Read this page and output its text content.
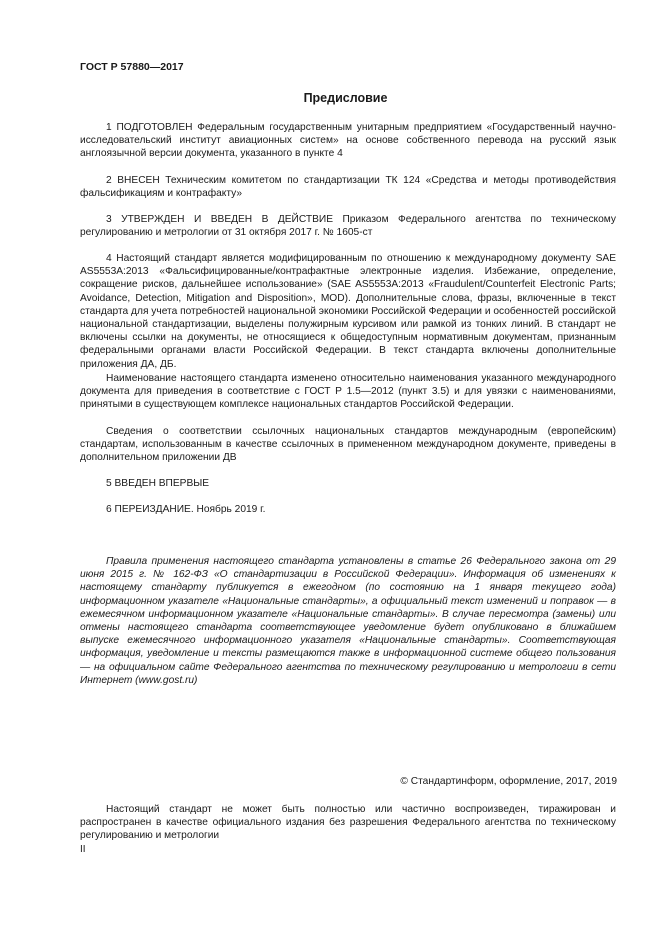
ГОСТ Р 57880—2017
Предисловие

1 ПОДГОТОВЛЕН Федеральным государственным унитарным предприятием «Государственный научно-исследовательский институт авиационных систем» на основе собственного перевода на русский язык англоязычной версии документа, указанного в пункте 4

2 ВНЕСЕН Техническим комитетом по стандартизации ТК 124 «Средства и методы противодействия фальсификациям и контрафакту»

3 УТВЕРЖДЕН И ВВЕДЕН В ДЕЙСТВИЕ Приказом Федерального агентства по техническому регулированию и метрологии от 31 октября 2017 г. № 1605-ст

4 Настоящий стандарт является модифицированным по отношению к международному документу SAE AS5553A:2013 «Фальсифицированные/контрафактные электронные изделия. Избежание, определение, сокращение рисков, дальнейшее использование» (SAE AS5553A:2013 «Fraudulent/Counterfeit Electronic Parts; Avoidance, Detection, Mitigation and Disposition», MOD). Дополнительные слова, фразы, включенные в текст стандарта для учета потребностей национальной экономики Российской Федерации и особенностей российской национальной стандартизации, выделены полужирным курсивом или рамкой из тонких линий. В стандарт не включены ссылки на документы, не относящиеся к общедоступным нормативным документам, признанным федеральными органами власти Российской Федерации. В текст стандарта включены дополнительные приложения ДА, ДБ.

Наименование настоящего стандарта изменено относительно наименования указанного международного документа для приведения в соответствие с ГОСТ Р 1.5—2012 (пункт 3.5) и для увязки с наименованиями, принятыми в существующем комплексе национальных стандартов Российской Федерации.

Сведения о соответствии ссылочных национальных стандартов международным (европейским) стандартам, использованным в качестве ссылочных в примененном международном документе, приведены в дополнительном приложении ДВ

5 ВВЕДЕН ВПЕРВЫЕ

6 ПЕРЕИЗДАНИЕ. Ноябрь 2019 г.

Правила применения настоящего стандарта установлены в статье 26 Федерального закона от 29 июня 2015 г. № 162-ФЗ «О стандартизации в Российской Федерации». Информация об изменениях к настоящему стандарту публикуется в ежегодном (по состоянию на 1 января текущего года) информационном указателе «Национальные стандарты», а официальный текст изменений и поправок — в ежемесячном информационном указателе «Национальные стандарты». В случае пересмотра (замены) или отмены настоящего стандарта соответствующее уведомление будет опубликовано в ближайшем выпуске ежемесячного информационного указателя «Национальные стандарты». Соответствующая информация, уведомление и тексты размещаются также в информационной системе общего пользования — на официальном сайте Федерального агентства по техническому регулированию и метрологии в сети Интернет (www.gost.ru)

© Стандартинформ, оформление, 2017, 2019

Настоящий стандарт не может быть полностью или частично воспроизведен, тиражирован и распространен в качестве официального издания без разрешения Федерального агентства по техническому регулированию и метрологии

II
